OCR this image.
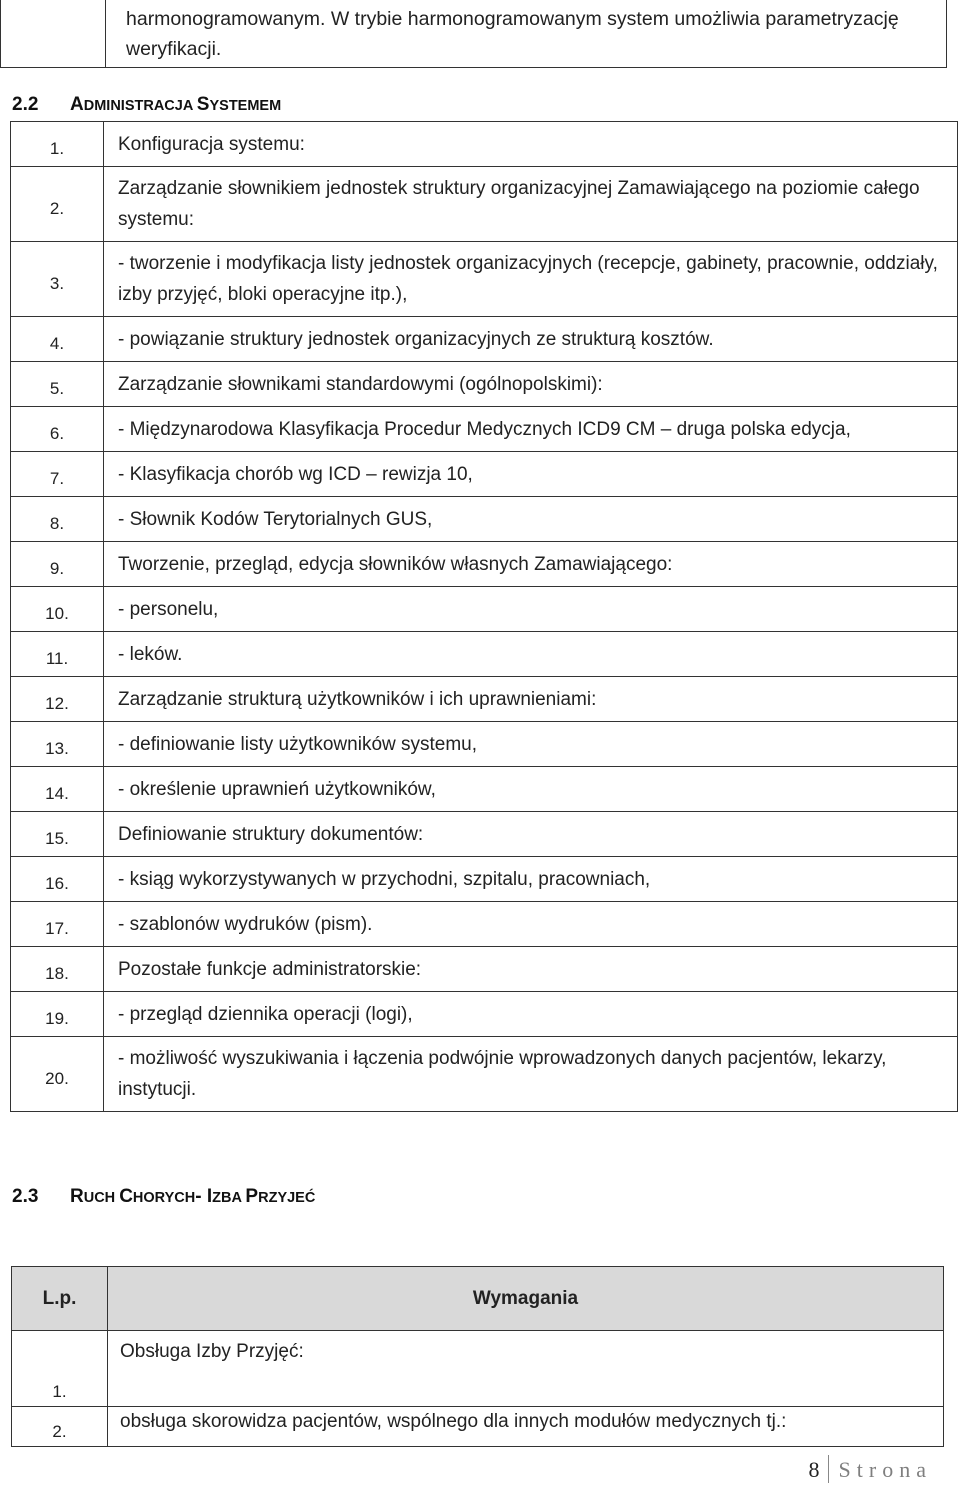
harmonogramowanym. W trybie harmonogramowanym system umożliwia parametryzację weryfikacji.
2.2 ADMINISTRACJA SYSTEMEM
1.	Konfiguracja systemu:
2.	Zarządzanie słownikiem jednostek struktury organizacyjnej Zamawiającego na poziomie całego systemu:
3.	- tworzenie i modyfikacja listy jednostek organizacyjnych (recepcje, gabinety, pracownie, oddziały, izby przyjęć, bloki operacyjne itp.),
4.	- powiązanie struktury jednostek organizacyjnych ze strukturą kosztów.
5.	Zarządzanie słownikami standardowymi (ogólnopolskimi):
6.	- Międzynarodowa Klasyfikacja Procedur Medycznych ICD9 CM – druga polska edycja,
7.	- Klasyfikacja chorób wg ICD – rewizja 10,
8.	- Słownik Kodów Terytorialnych GUS,
9.	Tworzenie, przegląd, edycja słowników własnych Zamawiającego:
10.	- personelu,
11.	- leków.
12.	Zarządzanie strukturą użytkowników i ich uprawnieniami:
13.	- definiowanie listy użytkowników systemu,
14.	- określenie uprawnień użytkowników,
15.	Definiowanie struktury dokumentów:
16.	- ksiąg wykorzystywanych w przychodni, szpitalu, pracowniach,
17.	- szablonów wydruków (pism).
18.	Pozostałe funkcje administratorskie:
19.	- przegląd dziennika operacji (logi),
20.	- możliwość wyszukiwania i łączenia podwójnie wprowadzonych danych pacjentów, lekarzy, instytucji.
2.3 RUCH CHORYCH- IZBA PRZYJEĆ
L.p.	Wymagania
1.	Obsługa Izby Przyjęć:
2.	obsługa skorowidza pacjentów, wspólnego dla innych modułów medycznych tj.:
8 Strona
